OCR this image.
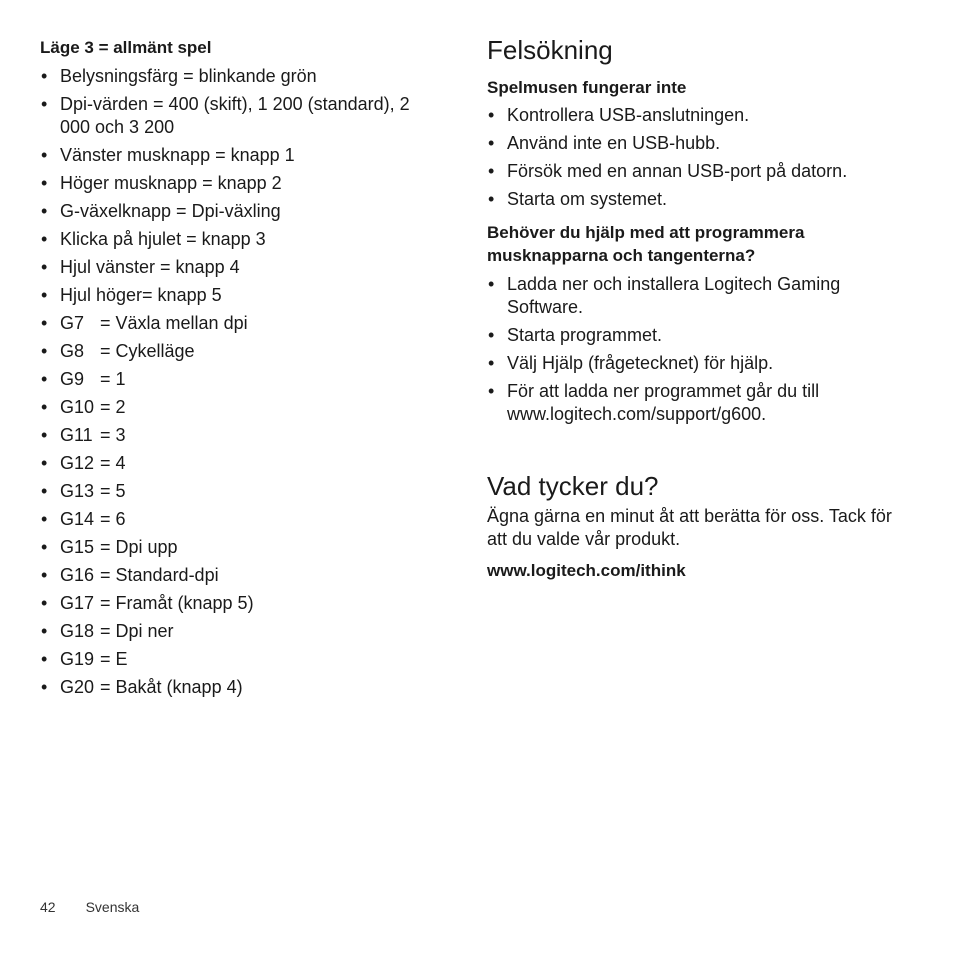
Läge 3 = allmänt spel
• Belysningsfärg = blinkande grön
• Dpi-värden = 400 (skift), 1 200 (standard), 2 000 och 3 200
• Vänster musknapp = knapp 1
• Höger musknapp = knapp 2
• G-växelknapp = Dpi-växling
• Klicka på hjulet = knapp 3
• Hjul vänster = knapp 4
• Hjul höger= knapp 5
• G7 = Växla mellan dpi
• G8 = Cykelläge
• G9 = 1
• G10 = 2
• G11 = 3
• G12 = 4
• G13 = 5
• G14 = 6
• G15 = Dpi upp
• G16 = Standard-dpi
• G17 = Framåt (knapp 5)
• G18 = Dpi ner
• G19 = E
• G20 = Bakåt (knapp 4)
Felsökning
Spelmusen fungerar inte
• Kontrollera USB-anslutningen.
• Använd inte en USB-hubb.
• Försök med en annan USB-port på datorn.
• Starta om systemet.
Behöver du hjälp med att programmera musknapparna och tangenterna?
• Ladda ner och installera Logitech Gaming Software.
• Starta programmet.
• Välj Hjälp (frågetecknet) för hjälp.
• För att ladda ner programmet går du till www.logitech.com/support/g600.
Vad tycker du?

Ägna gärna en minut åt att berätta för oss. Tack för att du valde vår produkt.

www.logitech.com/ithink

42 Svenska
